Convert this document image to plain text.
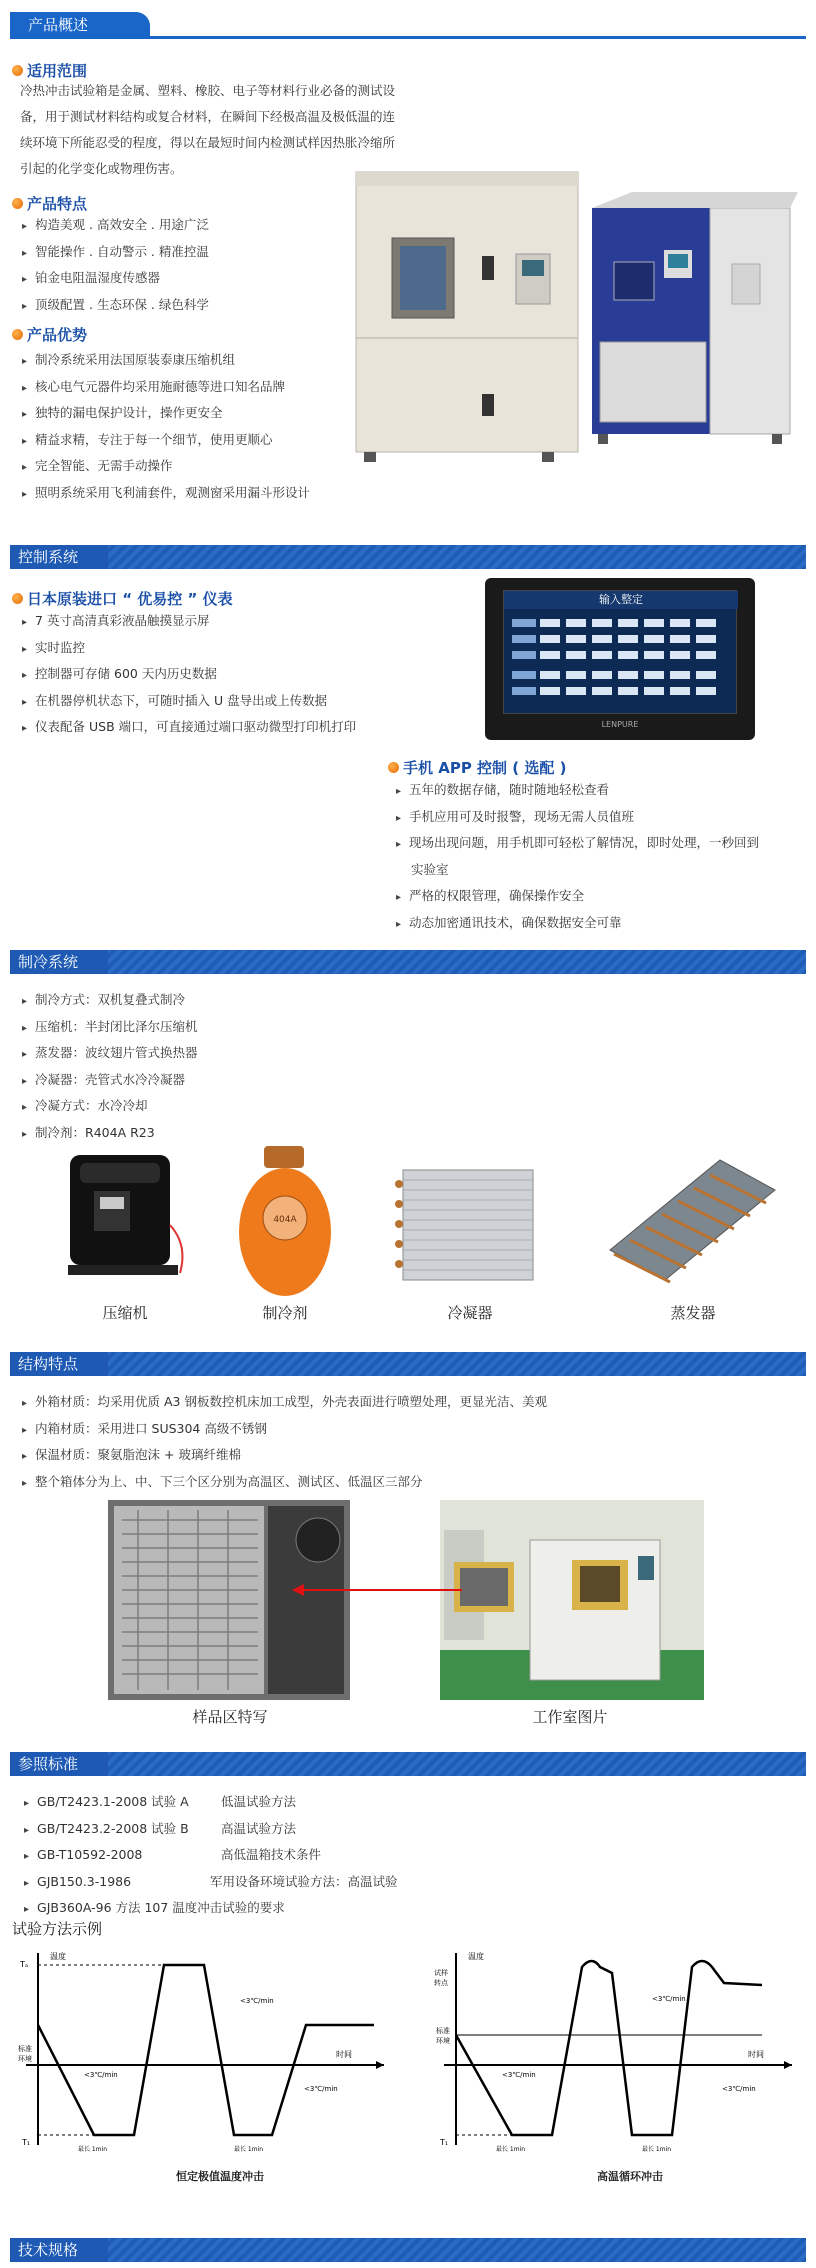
产品概述
适用范围
冷热冲击试验箱是金属、塑料、橡胶、电子等材料行业必备的测试设
备，用于测试材料结构或复合材料，在瞬间下经极高温及极低温的连
续环境下所能忍受的程度，得以在最短时间内检测试样因热胀冷缩所
引起的化学变化或物理伤害。
产品特点
▸ 构造美观 . 高效安全 . 用途广泛
▸ 智能操作 . 自动警示 . 精准控温
▸ 铂金电阻温湿度传感器
▸ 顶级配置 . 生态环保 . 绿色科学
产品优势
▸ 制冷系统采用法国原装泰康压缩机组
▸ 核心电气元器件均采用施耐德等进口知名品牌
▸ 独特的漏电保护设计，操作更安全
▸ 精益求精，专注于每一个细节，使用更顺心
▸ 完全智能、无需手动操作
▸ 照明系统采用飞利浦套件，观测窗采用漏斗形设计
控制系统
日本原装进口 “ 优易控 ” 仪表
▸ 7 英寸高清真彩液晶触摸显示屏
▸ 实时监控
▸ 控制器可存储 600 天内历史数据
▸ 在机器停机状态下，可随时插入 U 盘导出或上传数据
▸ 仪表配备 USB 端口，可直接通过端口驱动微型打印机打印
输入整定
LENPURE
手机 APP 控制 ( 选配 )
▸ 五年的数据存储，随时随地轻松查看
▸ 手机应用可及时报警，现场无需人员值班
▸ 现场出现问题，用手机即可轻松了解情况，即时处理，一秒回到
实验室
▸ 严格的权限管理，确保操作安全
▸ 动态加密通讯技术，确保数据安全可靠
制冷系统
▸ 制冷方式：双机复叠式制冷
▸ 压缩机：半封闭比泽尔压缩机
▸ 蒸发器：波纹翅片管式换热器
▸ 冷凝器：壳管式水冷冷凝器
▸ 冷凝方式：水冷冷却
▸ 制冷剂：R404A R23
压缩机
404A
制冷剂	冷凝器	蒸发器
结构特点
▸ 外箱材质：均采用优质 A3 钢板数控机床加工成型，外壳表面进行喷塑处理，更显光洁、美观
▸ 内箱材质：采用进口 SUS304 高级不锈钢
▸ 保温材质：聚氨脂泡沫 + 玻璃纤维棉
▸ 整个箱体分为上、中、下三个区分别为高温区、测试区、低温区三部分
样品区特写	工作室图片
参照标准
▸ GB/T2423.1-2008 试验 A	低温试验方法
▸ GB/T2423.2-2008 试验 B	高温试验方法
▸ GB-T10592-2008	高低温箱技术条件
▸ GJB150.3-1986	军用设备环境试验方法：高温试验
▸ GJB360A-96 方法 107 温度冲击试验的要求
试验方法示例
温度
时间
标准
环境
Tₐ
T₁
<3℃/min
<3℃/min
<3℃/min
最长 1min	最长 1min
恒定极值温度冲击
温度
时间
试样
转点
标准
环境
T₁
<3℃/min
<3℃/min
<3℃/min
最长 1min	最长 1min
高温循环冲击
技术规格
